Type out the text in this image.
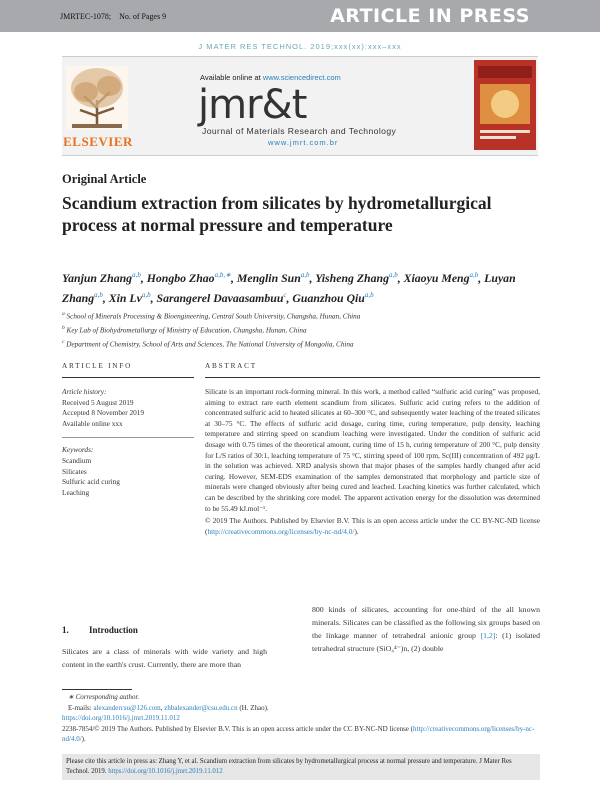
JMRTEC-1078; No. of Pages 9	ARTICLE IN PRESS
J MATER RES TECHNOL. 2019;xxx(xx):xxx–xxx
ELSEVIER
Available online at www.sciencedirect.com
jmr&t
Journal of Materials Research and Technology
www.jmrt.com.br
Original Article
Scandium extraction from silicates by hydrometallurgical process at normal pressure and temperature
Yanjun Zhang$^{a,b}$, Hongbo Zhao$^{a,b,∗}$, Menglin Sun$^{a,b}$, Yisheng Zhang$^{a,b}$, Xiaoyu Meng$^{a,b}$, Luyan Zhang$^{a,b}$, Xin Lv$^{a,b}$, Sarangerel Davaasambuu$^c$, Guanzhou Qiu$^{a,b}$
$^a$ School of Minerals Processing & Bioengineering, Central South University, Changsha, Hunan, China
$^b$ Key Lab of Biohydrometallurgy of Ministry of Education, Changsha, Hunan, China
$^c$ Department of Chemistry, School of Arts and Sciences, The National University of Mongolia, China
ARTICLE INFO
Article history:
Received 5 August 2019
Accepted 8 November 2019
Available online xxx
Keywords:
Scandium
Silicates
Sulfuric acid curing
Leaching
ABSTRACT
Silicate is an important rock-forming mineral. In this work, a method called “sulfuric acid curing” was proposed, aiming to extract rare earth element scandium from silicates. Sulfuric acid curing refers to the addition of concentrated sulfuric acid to heated silicates at 60–300 °C, and subsequently water leaching of the treated silicates at 30–75 °C. The effects of sulfuric acid dosage, curing time, curing temperature, pulp density, leaching temperature and stirring speed on scandium leaching were investigated. Under the condition of sulfuric acid dosage with 0.75 times of the theoretical amount, curing time of 15 h, curing temperature of 200 °C, pulp density for L/S ratios of 30:1, leaching temperature of 75 °C, stirring speed of 100 rpm, Sc(III) concentration of 492 μg/L in the solution was achieved. XRD analysis shown that major phases of the samples hardly changed after acid curing. However, SEM-EDS examination of the samples demonstrated that morphology and particle size of minerals were changed obviously after being cured and leached. Leaching kinetics was further calculated, which can be described by the shrinking core model. The apparent activation energy for the dissolution was determined to be 55.49 kJ.mol⁻¹.
© 2019 The Authors. Published by Elsevier B.V. This is an open access article under the CC BY-NC-ND license (http://creativecommons.org/licenses/by-nc-nd/4.0/).
1. Introduction
Silicates are a class of minerals with wide variety and high content in the earth's crust. Currently, there are more than
800 kinds of silicates, accounting for one-third of the all known minerals. Silicates can be classified as the following six groups based on the linkage manner of tetrahedral anionic group [1,2]: (1) isolated tetrahedral structure (SiO₄⁴⁻)n, (2) double
∗ Corresponding author.
E-mails: alexandercsu@126.com, zhbalexander@csu.edu.cn (H. Zhao).
https://doi.org/10.1016/j.jmrt.2019.11.012
2238-7854/© 2019 The Authors. Published by Elsevier B.V. This is an open access article under the CC BY-NC-ND license (http://creativecommons.org/licenses/by-nc-nd/4.0/).
Please cite this article in press as: Zhang Y, et al. Scandium extraction from silicates by hydrometallurgical process at normal pressure and temperature. J Mater Res Technol. 2019. https://doi.org/10.1016/j.jmrt.2019.11.012
